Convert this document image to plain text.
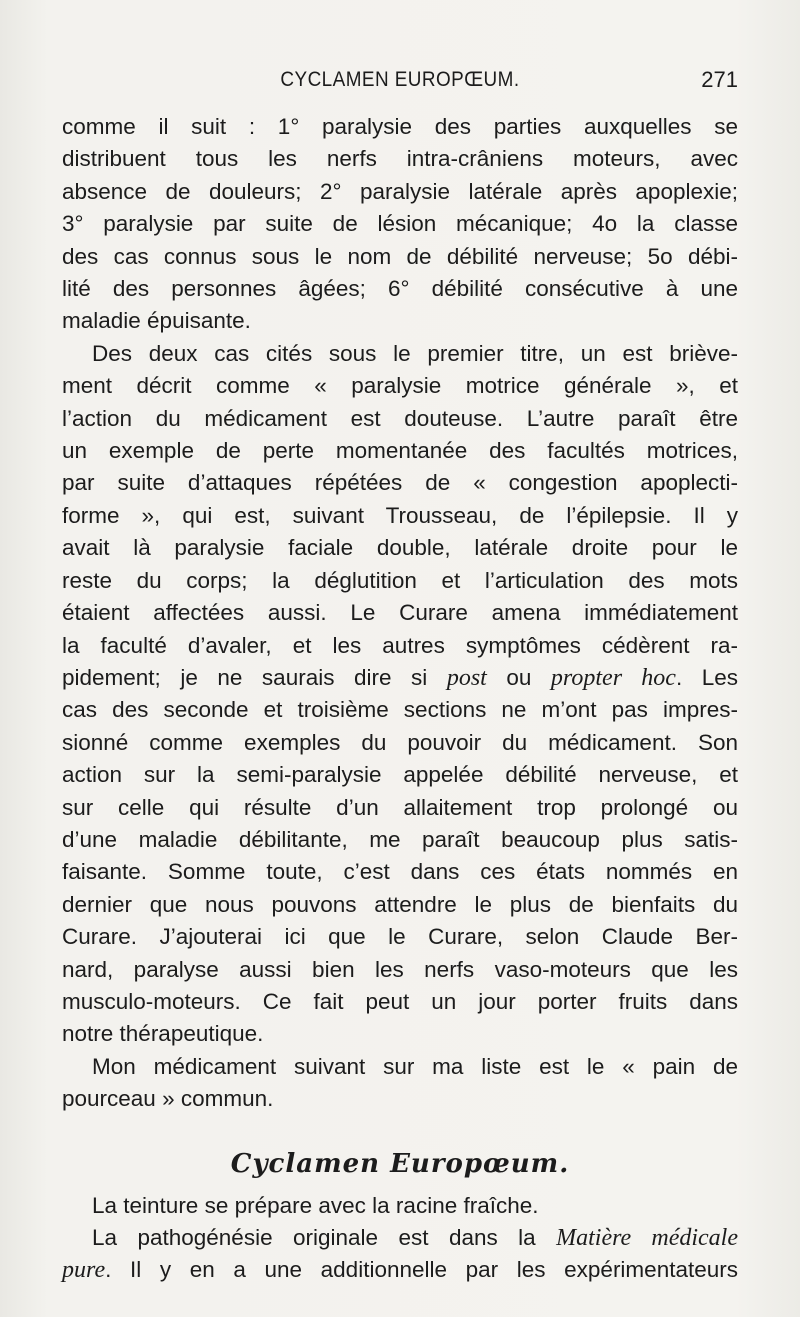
CYCLAMEN EUROPŒUM.	271

comme il suit : 1° paralysie des parties auxquelles se

distribuent tous les nerfs intra-crâniens moteurs, avec

absence de douleurs; 2° paralysie latérale après apoplexie;

3° paralysie par suite de lésion mécanique; 4o la classe

des cas connus sous le nom de débilité nerveuse; 5o débi-

lité des personnes âgées; 6° débilité consécutive à une

maladie épuisante.

Des deux cas cités sous le premier titre, un est briève-

ment décrit comme « paralysie motrice générale », et

l’action du médicament est douteuse. L’autre paraît être

un exemple de perte momentanée des facultés motrices,

par suite d’attaques répétées de « congestion apoplecti-

forme », qui est, suivant Trousseau, de l’épilepsie. Il y

avait là paralysie faciale double, latérale droite pour le

reste du corps; la déglutition et l’articulation des mots

étaient affectées aussi. Le Curare amena immédiatement

la faculté d’avaler, et les autres symptômes cédèrent ra-

pidement; je ne saurais dire si post ou propter hoc. Les

cas des seconde et troisième sections ne m’ont pas impres-

sionné comme exemples du pouvoir du médicament. Son

action sur la semi-paralysie appelée débilité nerveuse, et

sur celle qui résulte d’un allaitement trop prolongé ou

d’une maladie débilitante, me paraît beaucoup plus satis-

faisante. Somme toute, c’est dans ces états nommés en

dernier que nous pouvons attendre le plus de bienfaits du

Curare. J’ajouterai ici que le Curare, selon Claude Ber-

nard, paralyse aussi bien les nerfs vaso-moteurs que les

musculo-moteurs. Ce fait peut un jour porter fruits dans

notre thérapeutique.

Mon médicament suivant sur ma liste est le « pain de

pourceau » commun.

Cyclamen Europœum.

La teinture se prépare avec la racine fraîche.

La pathogénésie originale est dans la Matière médicale

pure. Il y en a une additionnelle par les expérimentateurs
